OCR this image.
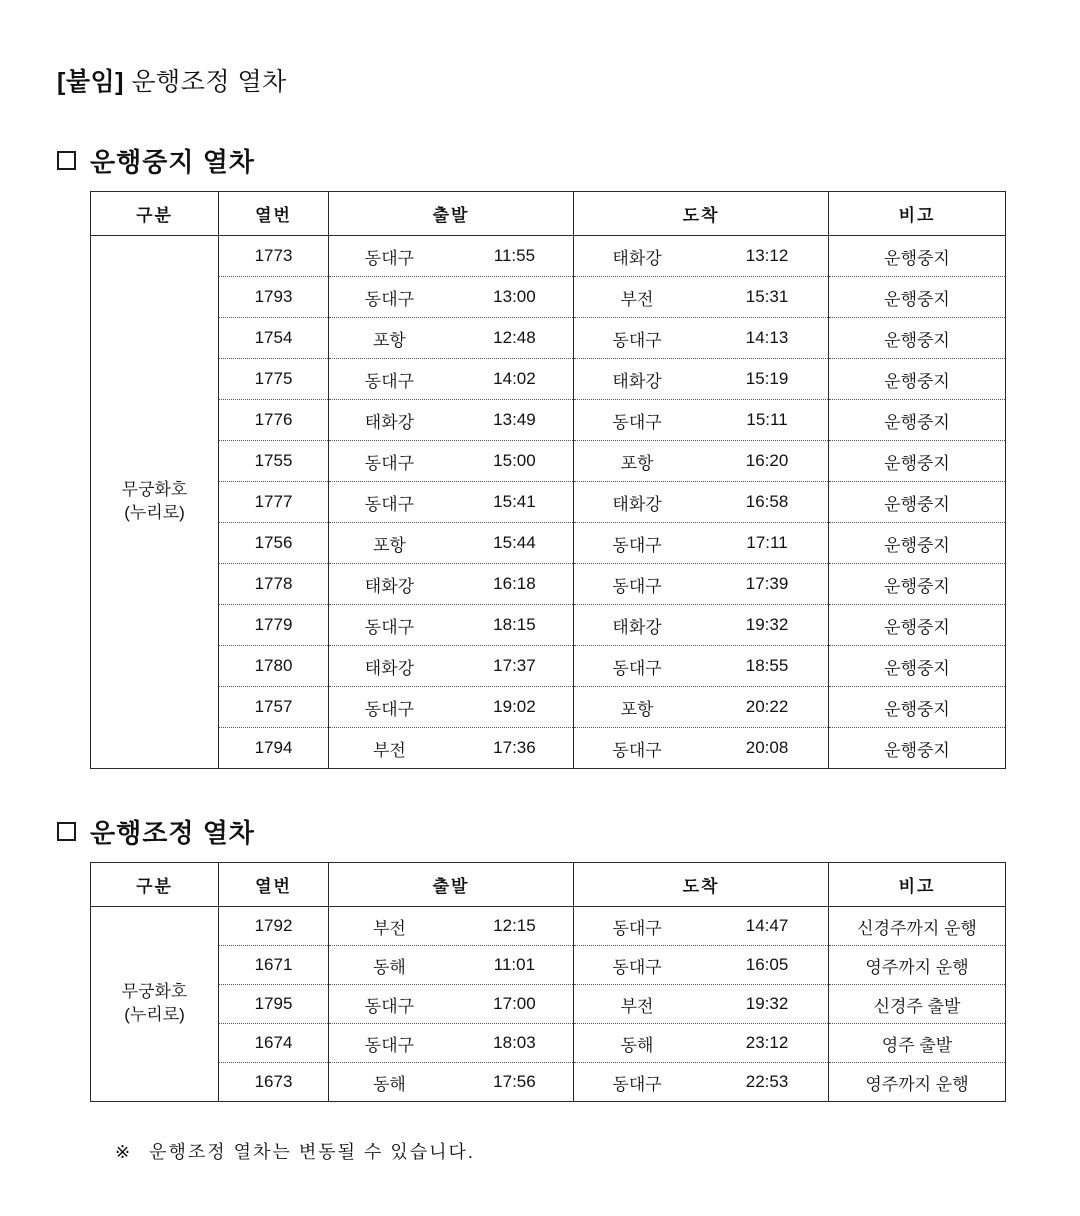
[붙임] 운행조정 열차
운행중지 열차
구분	열번	출발	도착	비고
무궁화호
(누리로)	1773	동대구 11:55	태화강 13:12	운행중지
	1793	동대구 13:00	부전 15:31	운행중지
	1754	포항 12:48	동대구 14:13	운행중지
	1775	동대구 14:02	태화강 15:19	운행중지
	1776	태화강 13:49	동대구 15:11	운행중지
	1755	동대구 15:00	포항 16:20	운행중지
	1777	동대구 15:41	태화강 16:58	운행중지
	1756	포항 15:44	동대구 17:11	운행중지
	1778	태화강 16:18	동대구 17:39	운행중지
	1779	동대구 18:15	태화강 19:32	운행중지
	1780	태화강 17:37	동대구 18:55	운행중지
	1757	동대구 19:02	포항 20:22	운행중지
	1794	부전 17:36	동대구 20:08	운행중지
운행조정 열차
구분	열번	출발	도착	비고
무궁화호
(누리로)	1792	부전 12:15	동대구 14:47	신경주까지 운행
	1671	동해 11:01	동대구 16:05	영주까지 운행
	1795	동대구 17:00	부전 19:32	신경주 출발
	1674	동대구 18:03	동해 23:12	영주 출발
	1673	동해 17:56	동대구 22:53	영주까지 운행
※ 운행조정 열차는 변동될 수 있습니다.
